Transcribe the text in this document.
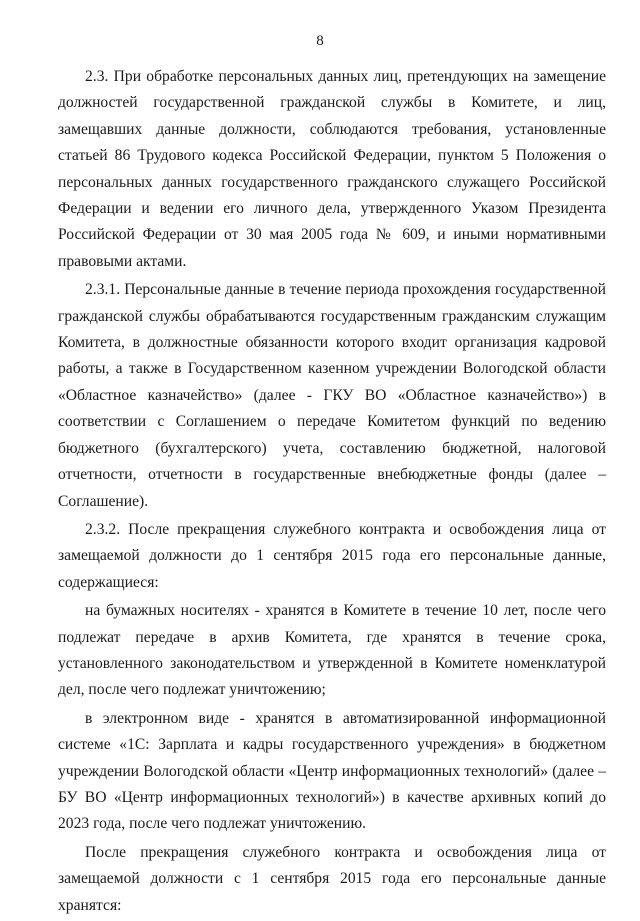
8

2.3. При обработке персональных данных лиц, претендующих на замещение должностей государственной гражданской службы в Комитете, и лиц, замещавших данные должности, соблюдаются требования, установленные статьей 86 Трудового кодекса Российской Федерации, пунктом 5 Положения о персональных данных государственного гражданского служащего Российской Федерации и ведении его личного дела, утвержденного Указом Президента Российской Федерации от 30 мая 2005 года № 609, и иными нормативными правовыми актами.

2.3.1. Персональные данные в течение периода прохождения государственной гражданской службы обрабатываются государственным гражданским служащим Комитета, в должностные обязанности которого входит организация кадровой работы, а также в Государственном казенном учреждении Вологодской области «Областное казначейство» (далее - ГКУ ВО «Областное казначейство») в соответствии с Соглашением о передаче Комитетом функций по ведению бюджетного (бухгалтерского) учета, составлению бюджетной, налоговой отчетности, отчетности в государственные внебюджетные фонды (далее – Соглашение).

2.3.2. После прекращения служебного контракта и освобождения лица от замещаемой должности до 1 сентября 2015 года его персональные данные, содержащиеся:

на бумажных носителях - хранятся в Комитете в течение 10 лет, после чего подлежат передаче в архив Комитета, где хранятся в течение срока, установленного законодательством и утвержденной в Комитете номенклатурой дел, после чего подлежат уничтожению;

в электронном виде - хранятся в автоматизированной информационной системе «1С: Зарплата и кадры государственного учреждения» в бюджетном учреждении Вологодской области «Центр информационных технологий» (далее – БУ ВО «Центр информационных технологий») в качестве архивных копий до 2023 года, после чего подлежат уничтожению.

После прекращения служебного контракта и освобождения лица от замещаемой должности с 1 сентября 2015 года его персональные данные хранятся:
